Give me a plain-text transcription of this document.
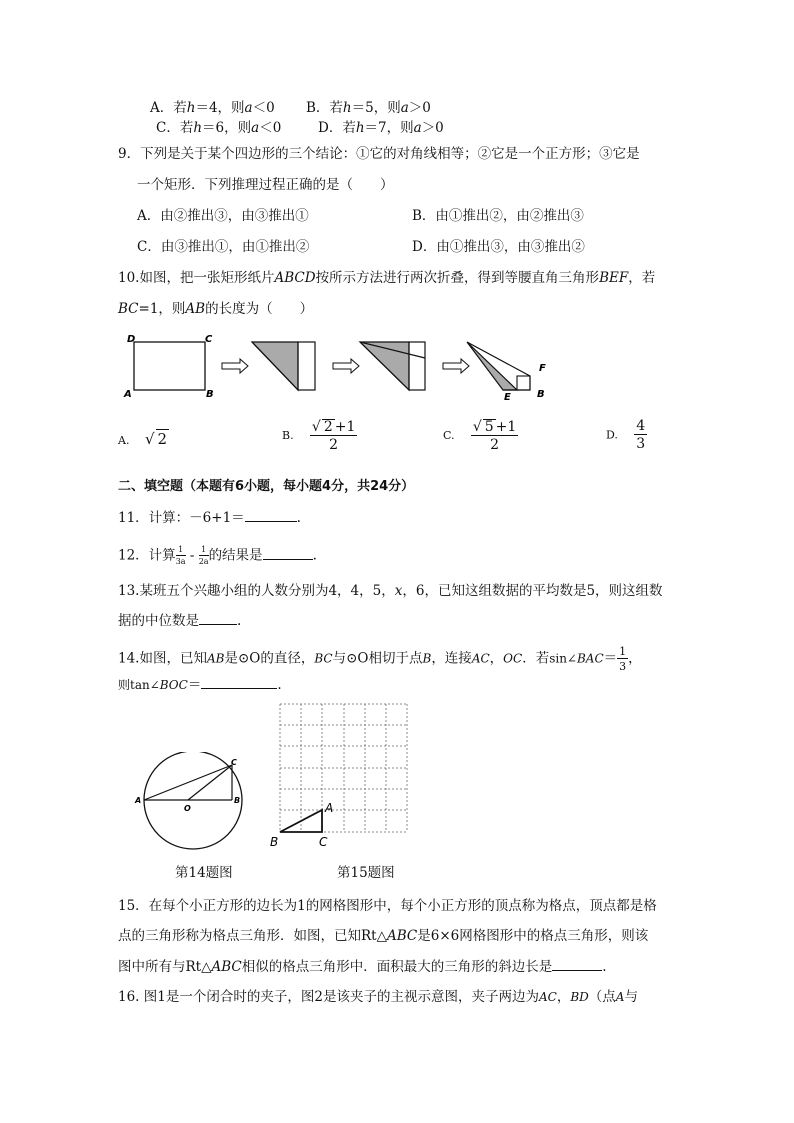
A．若h＝4，则a＜0 B．若h＝5，则a＞0
C．若h＝6，则a＜0	D．若h＝7，则a＞0
9．下列是关于某个四边形的三个结论：①它的对角线相等；②它是一个正方形；③它是
一个矩形．下列推理过程正确的是（　　）
A．由②推出③，由③推出①	B．由①推出②，由②推出③
C．由③推出①，由①推出②	D．由①推出③，由③推出②
10.如图，把一张矩形纸片ABCD按所示方法进行两次折叠，得到等腰直角三角形BEF，若
BC=1，则AB的长度为（　　）
D	C
A	B
F
E	B
A. √ 2	B. $\frac{√ 2 +1}{2}$	C. $\frac{√ 5 +1}{2}$	D. $\frac{4}{3}$
二、填空题（本题有6小题，每小题4分，共24分）
11．计算：－6+1＝	.
12．计算 $\frac{1}{3a} - \frac{1}{2a}$ 的结果是	.
13.某班五个兴趣小组的人数分别为4，4，5，x，6，已知这组数据的平均数是5，则这组数
据的中位数是	.
14.如图，已知AB是⊙O的直径，BC与⊙O相切于点B，连接AC，OC．若sin∠BAC＝ $\frac{1}{3}$ ，
则tan∠BOC＝	.
A	B
C
O
第14题图
A
B	C
第15题图
15．在每个小正方形的边长为1的网格图形中，每个小正方形的顶点称为格点，顶点都是格
点的三角形称为格点三角形．如图，已知Rt△ABC是6×6网格图形中的格点三角形，则该
图中所有与Rt△ABC相似的格点三角形中．面积最大的三角形的斜边长是	.
16. 图1是一个闭合时的夹子，图2是该夹子的主视示意图，夹子两边为AC，BD（点A与
